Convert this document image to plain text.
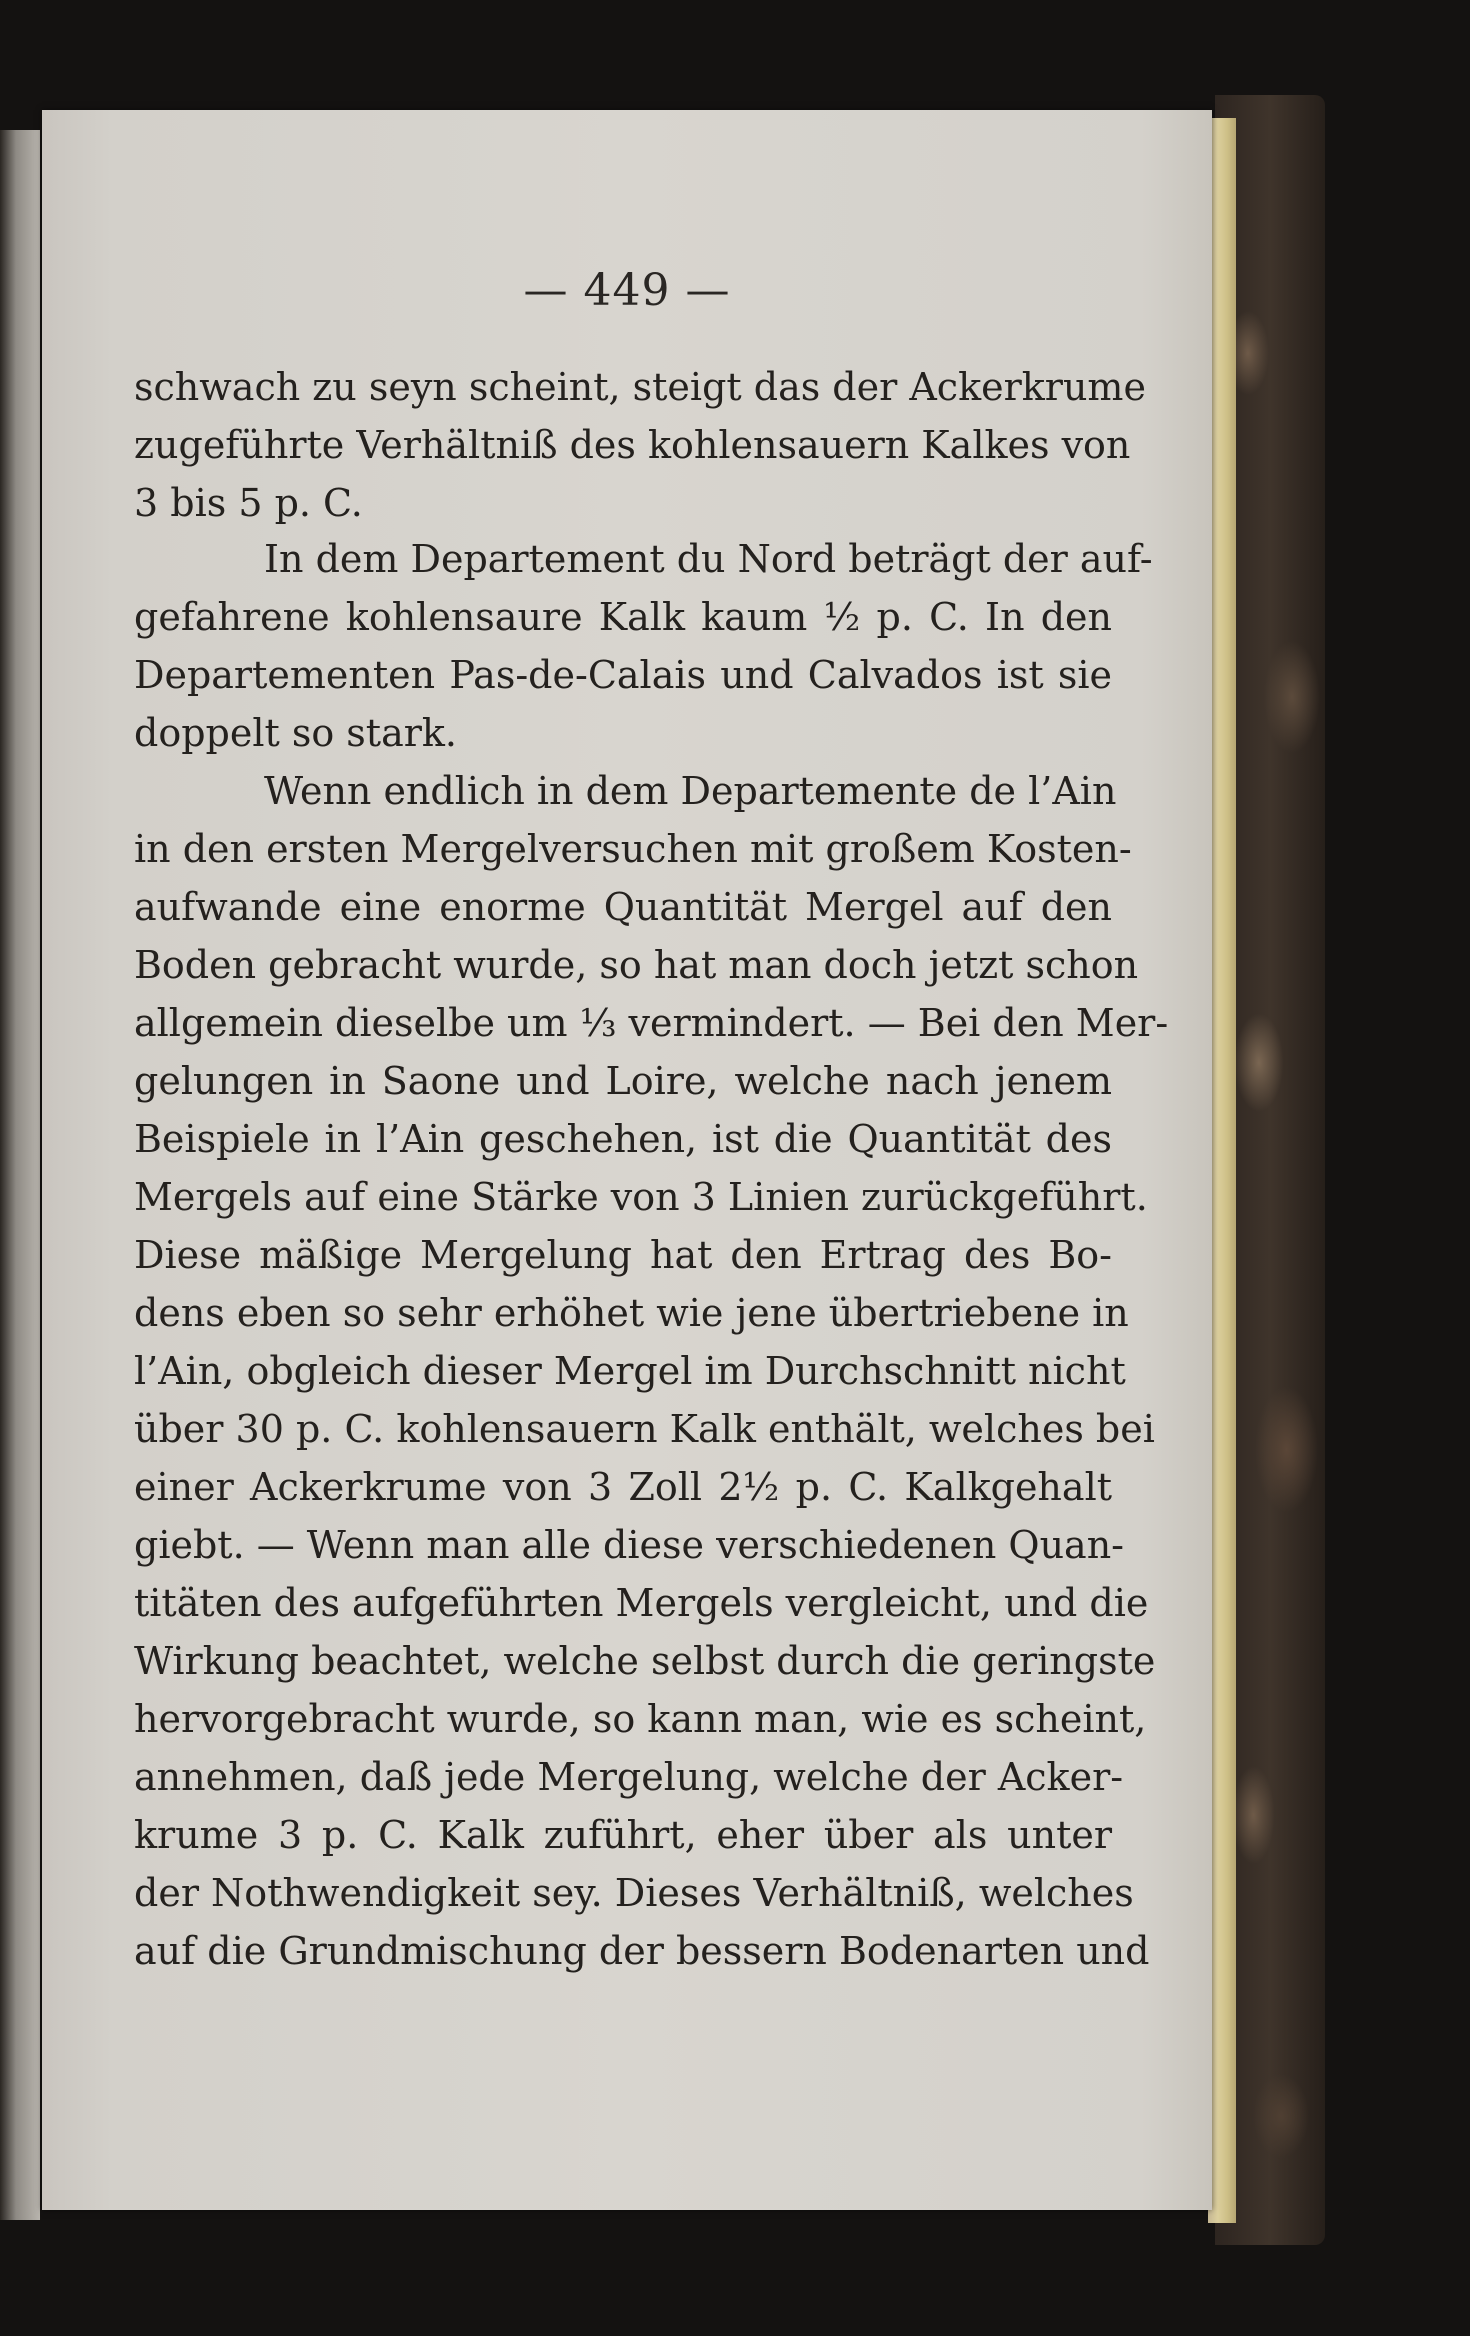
— 449 —
schwach zu seyn scheint, steigt das der Ackerkrume
zugeführte Verhältniß des kohlensauern Kalkes von
3 bis 5 p. C.
In dem Departement du Nord beträgt der auf-
gefahrene kohlensaure Kalk kaum ½ p. C. In den
Departementen Pas-de-Calais und Calvados ist sie
doppelt so stark.
Wenn endlich in dem Departemente de l’Ain
in den ersten Mergelversuchen mit großem Kosten-
aufwande eine enorme Quantität Mergel auf den
Boden gebracht wurde, so hat man doch jetzt schon
allgemein dieselbe um ⅓ vermindert. — Bei den Mer-
gelungen in Saone und Loire, welche nach jenem
Beispiele in l’Ain geschehen, ist die Quantität des
Mergels auf eine Stärke von 3 Linien zurückgeführt.
Diese mäßige Mergelung hat den Ertrag des Bo-
dens eben so sehr erhöhet wie jene übertriebene in
l’Ain, obgleich dieser Mergel im Durchschnitt nicht
über 30 p. C. kohlensauern Kalk enthält, welches bei
einer Ackerkrume von 3 Zoll 2½ p. C. Kalkgehalt
giebt. — Wenn man alle diese verschiedenen Quan-
titäten des aufgeführten Mergels vergleicht, und die
Wirkung beachtet, welche selbst durch die geringste
hervorgebracht wurde, so kann man, wie es scheint,
annehmen, daß jede Mergelung, welche der Acker-
krume 3 p. C. Kalk zuführt, eher über als unter
der Nothwendigkeit sey. Dieses Verhältniß, welches
auf die Grundmischung der bessern Bodenarten und
